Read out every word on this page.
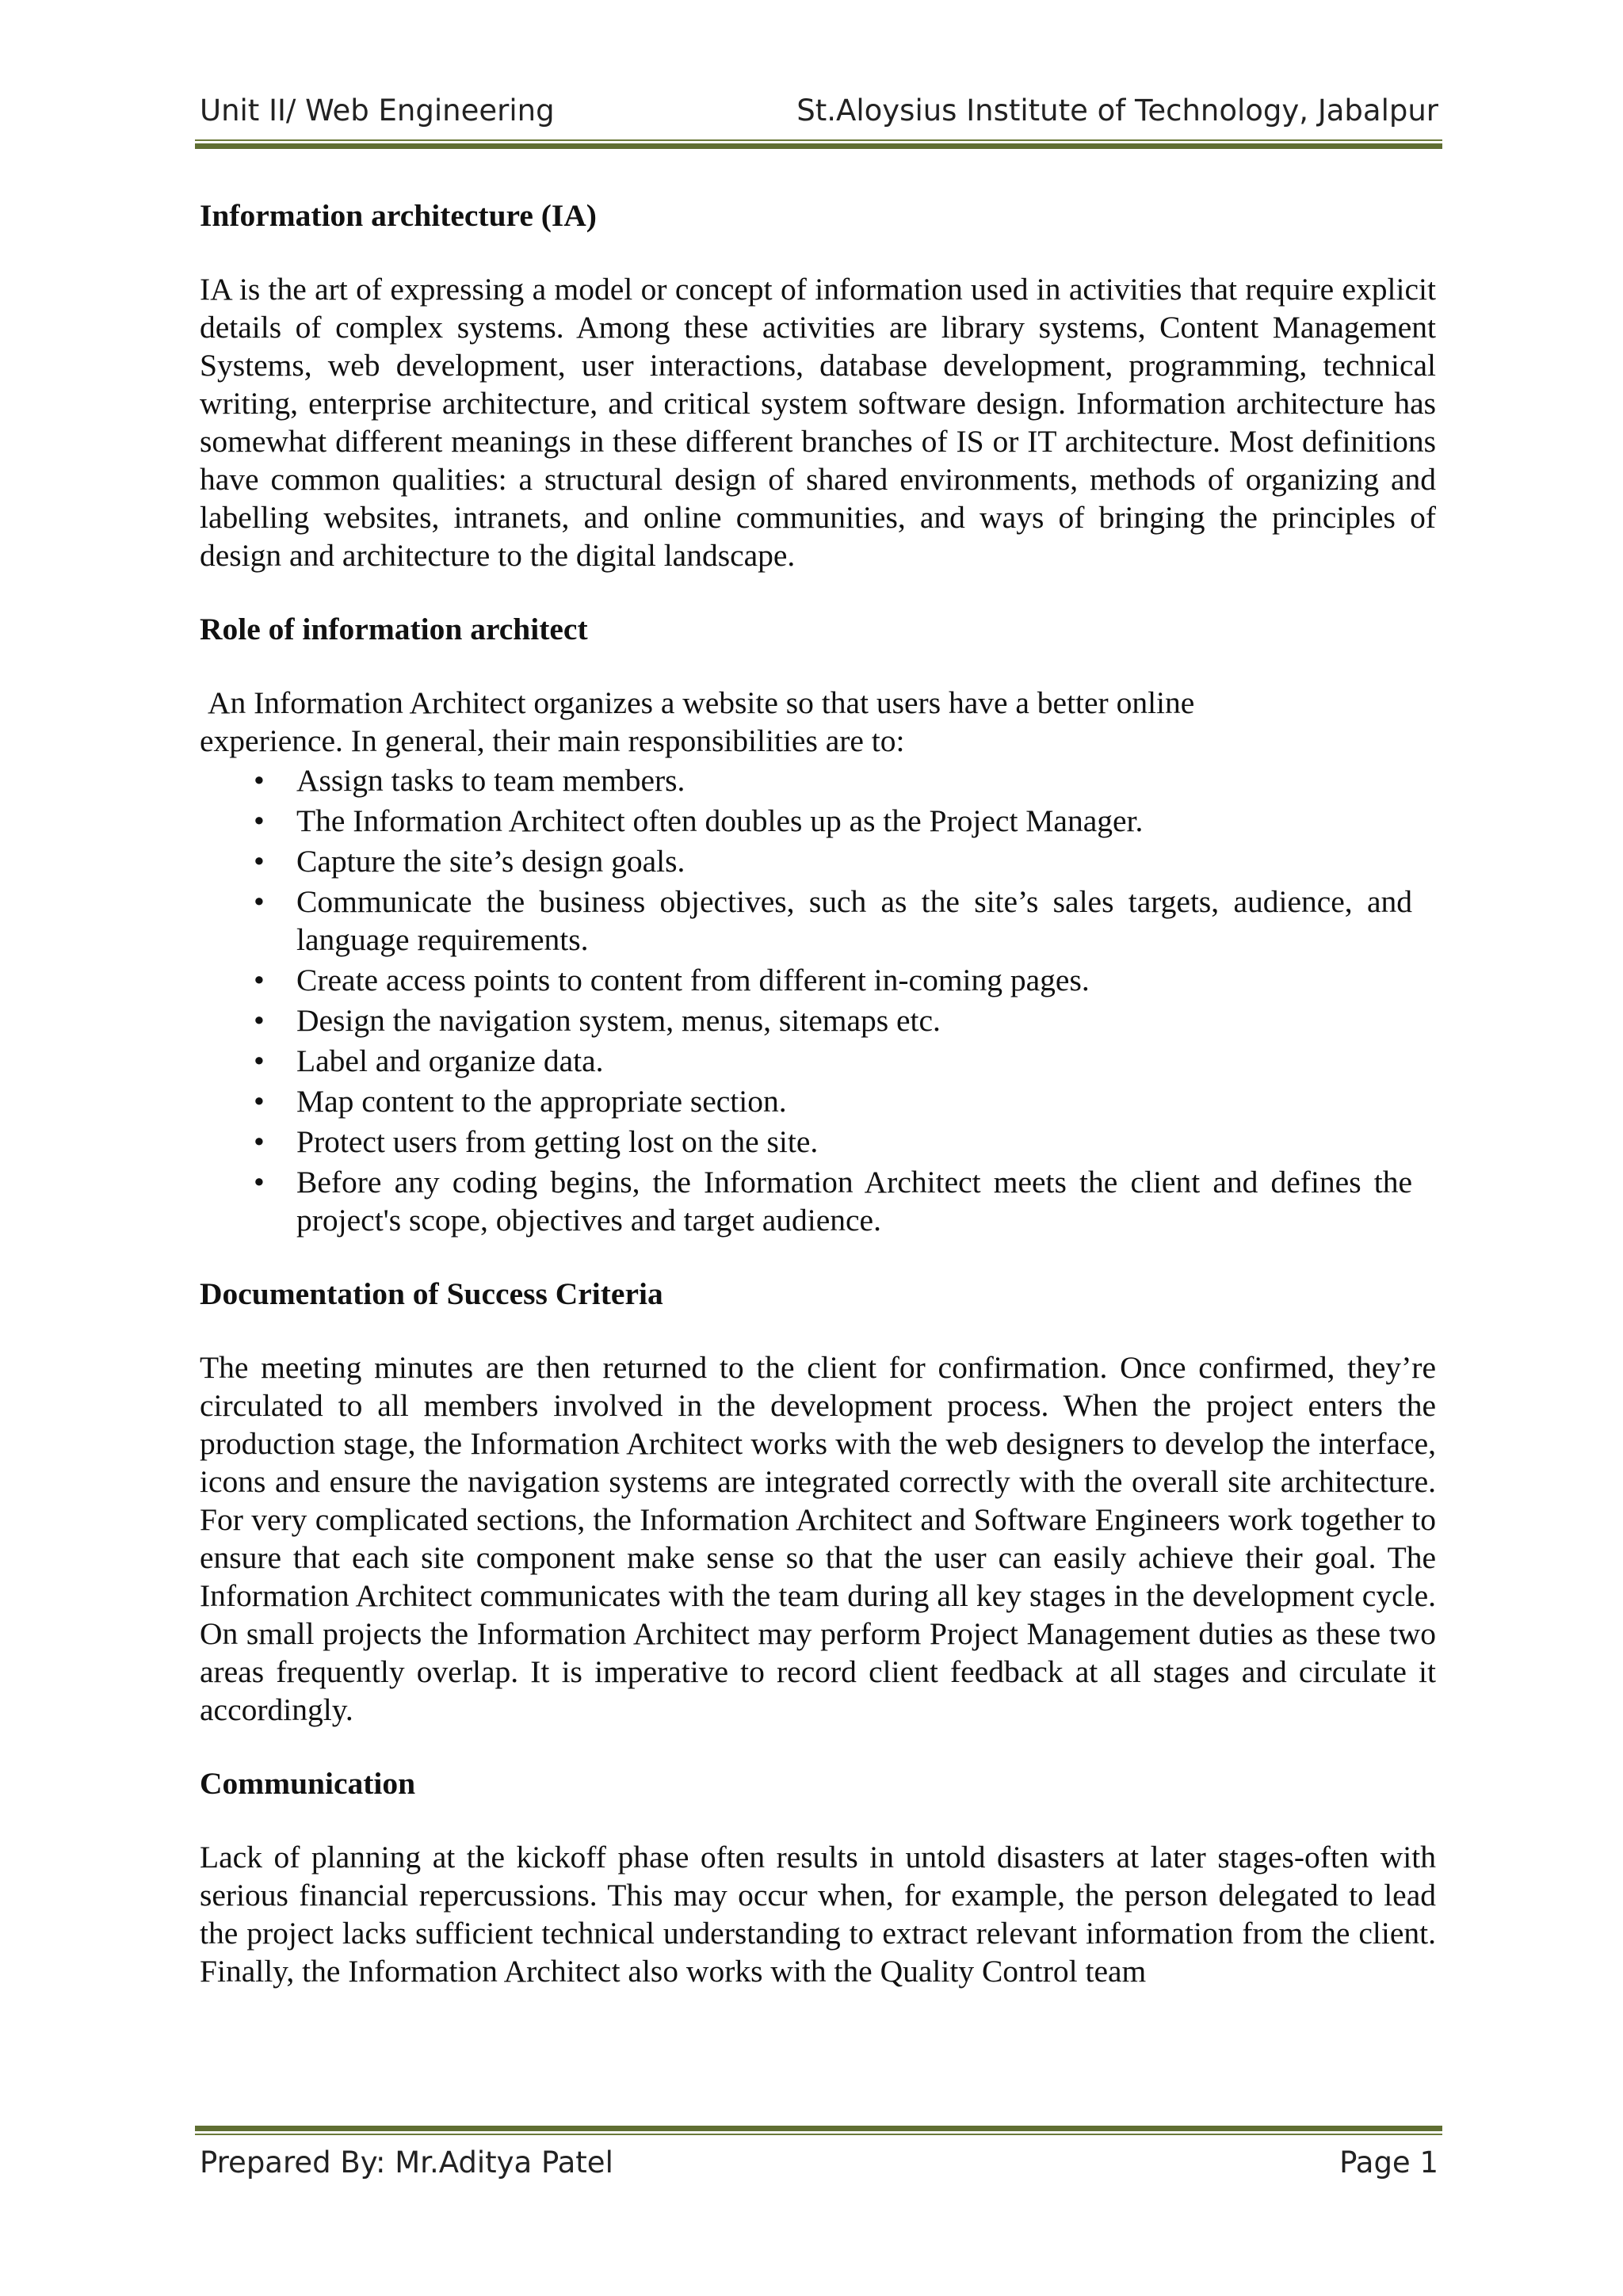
Unit II/ Web Engineering	St.Aloysius Institute of Technology, Jabalpur
Information architecture (IA)

IA is the art of expressing a model or concept of information used in activities that require explicit details of complex systems. Among these activities are library systems, Content Management Systems, web development, user interactions, database development, programming, technical writing, enterprise architecture, and critical system software design. Information architecture has somewhat different meanings in these different branches of IS or IT architecture. Most definitions have common qualities: a structural design of shared environments, methods of organizing and labelling websites, intranets, and online communities, and ways of bringing the principles of design and architecture to the digital landscape.

Role of information architect

An Information Architect organizes a website so that users have a better online

experience. In general, their main responsibilities are to:

• Assign tasks to team members.
• The Information Architect often doubles up as the Project Manager.
• Capture the site’s design goals.
• Communicate the business objectives, such as the site’s sales targets, audience, and language requirements.
• Create access points to content from different in-coming pages.
• Design the navigation system, menus, sitemaps etc.
• Label and organize data.
• Map content to the appropriate section.
• Protect users from getting lost on the site.
• Before any coding begins, the Information Architect meets the client and defines the project's scope, objectives and target audience.
Documentation of Success Criteria

The meeting minutes are then returned to the client for confirmation. Once confirmed, they’re circulated to all members involved in the development process. When the project enters the production stage, the Information Architect works with the web designers to develop the interface, icons and ensure the navigation systems are integrated correctly with the overall site architecture. For very complicated sections, the Information Architect and Software Engineers work together to ensure that each site component make sense so that the user can easily achieve their goal. The Information Architect communicates with the team during all key stages in the development cycle. On small projects the Information Architect may perform Project Management duties as these two areas frequently overlap. It is imperative to record client feedback at all stages and circulate it accordingly.

Communication

Lack of planning at the kickoff phase often results in untold disasters at later stages-often with serious financial repercussions. This may occur when, for example, the person delegated to lead the project lacks sufficient technical understanding to extract relevant information from the client. Finally, the Information Architect also works with the Quality Control team

Prepared By: Mr.Aditya Patel	Page 1
